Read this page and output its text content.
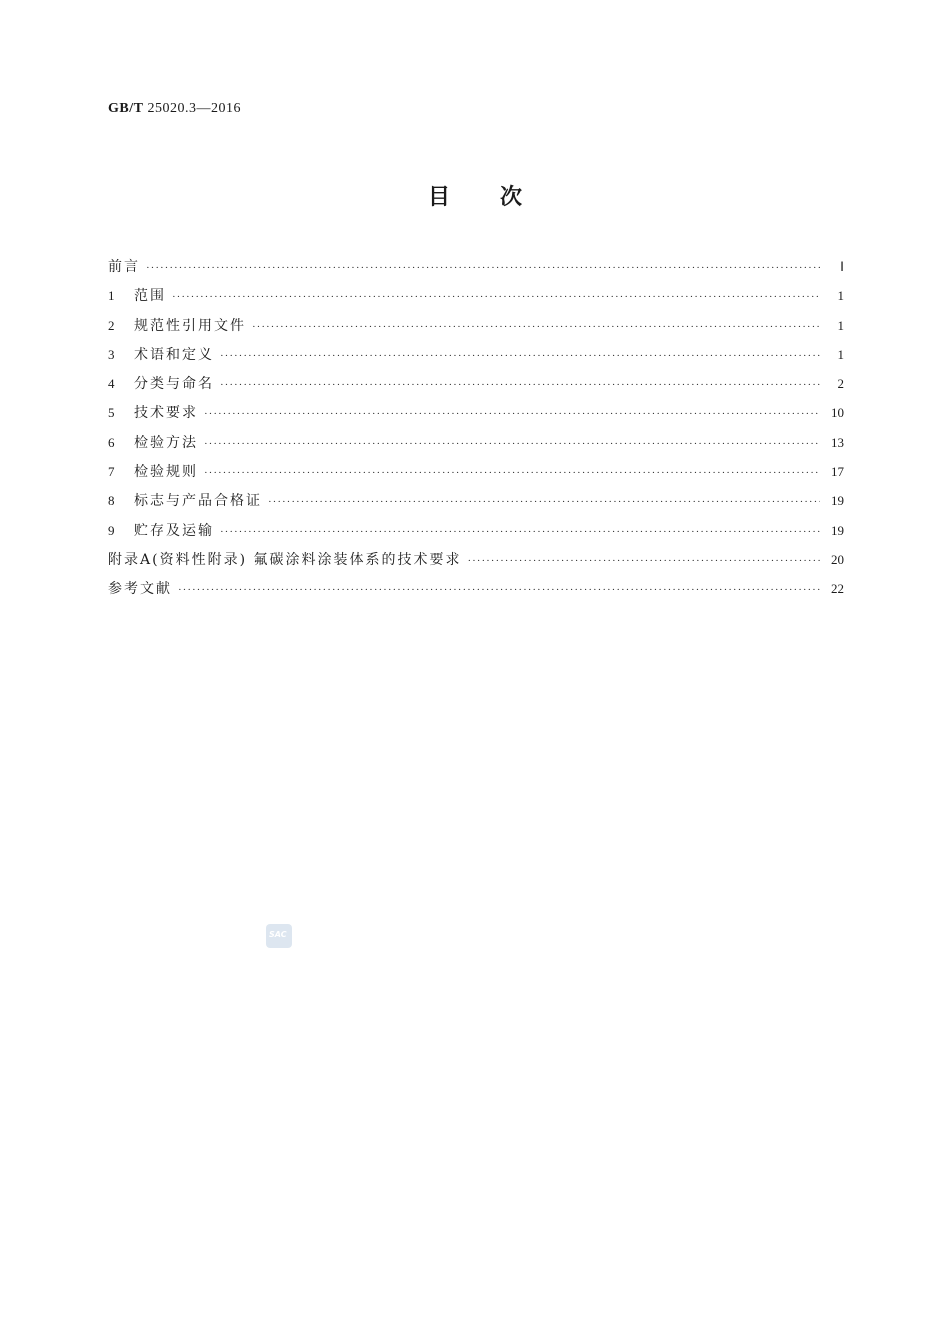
GB/T 25020.3—2016
目次
前言 ·····	Ⅰ
1	范围 ·····	1
2	规范性引用文件 ·····	1
3	术语和定义 ·····	1
4	分类与命名 ·····	2
5	技术要求 ·····	10
6	检验方法 ·····	13
7	检验规则 ·····	17
8	标志与产品合格证 ·····	19
9	贮存及运输 ·····	19
附录A(资料性附录) 氟碳涂料涂装体系的技术要求 ·····	20
参考文献 ·····	22
SAC
